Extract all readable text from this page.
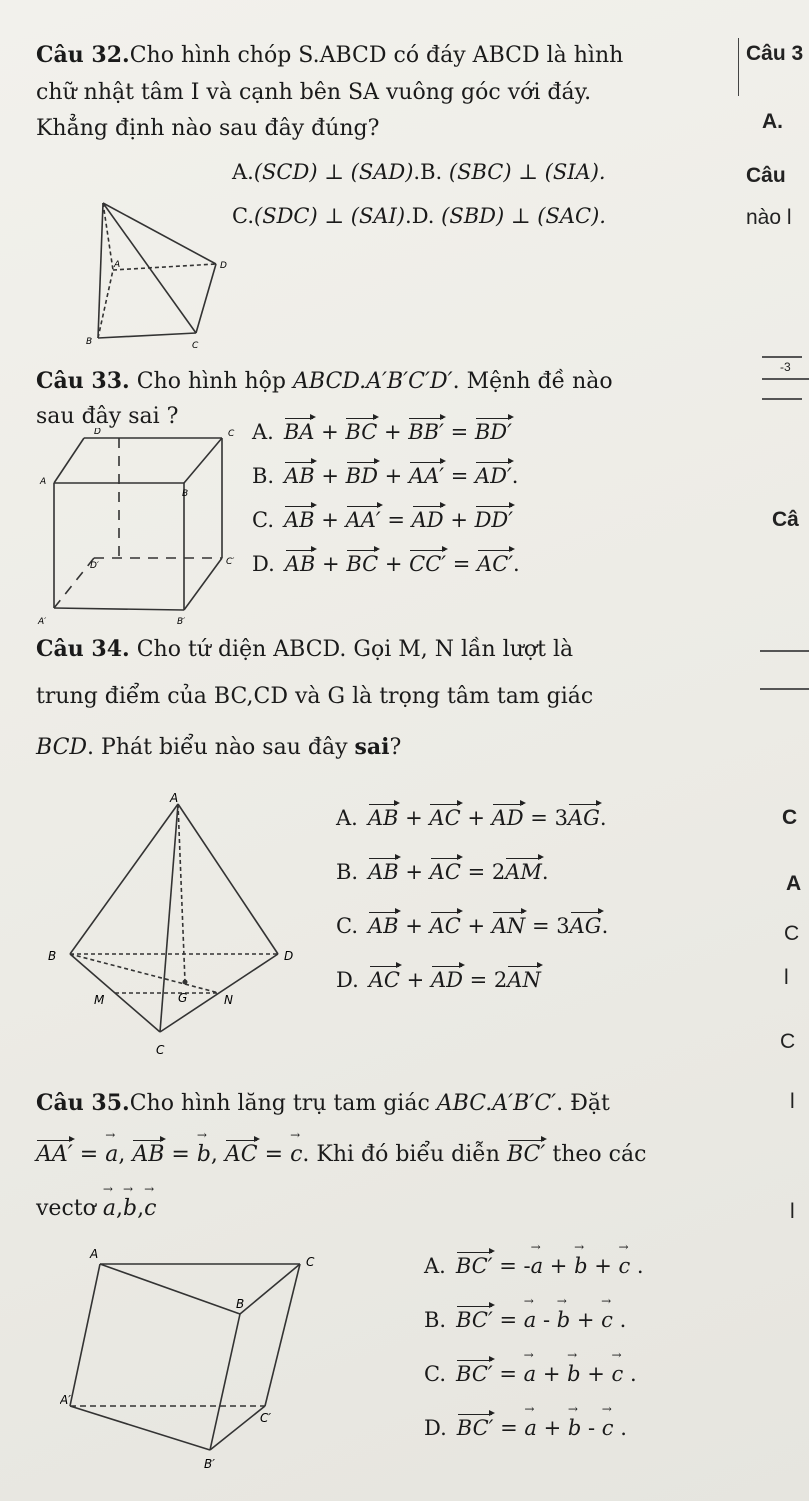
Câu 32.Cho hình chóp S.ABCD có đáy ABCD là hình
chữ nhật tâm I và cạnh bên SA vuông góc với đáy.
Khẳng định nào sau đây đúng?
A.(SCD) ⊥ (SAD).B. (SBC) ⊥ (SIA).
C.(SDC) ⊥ (SAI).D. (SBD) ⊥ (SAC).
A	D
B	C
Câu 33. Cho hình hộp ABCD.A′B′C′D′. Mệnh đề nào
sau đây sai ?
D	C
A
B
D′	C′
A′	B′
A. BA + BC + BB′ = BD′
B. AB + BD + AA′ = AD′.
C. AB + AA′ = AD + DD′
D. AB + BC + CC′ = AC′.
Câu 34. Cho tứ diện ABCD. Gọi M, N lần lượt là
trung điểm của BC,CD và G là trọng tâm tam giác
BCD. Phát biểu nào sau đây sai?
A
B	D
M	G	N
C
A. AB + AC + AD = 3AG.
B. AB + AC = 2AM.
C. AB + AC + AN = 3AG.
D. AC + AD = 2AN
Câu 35.Cho hình lăng trụ tam giác ABC.A′B′C′. Đặt
AA′ = a →, AB = b →, AC = c →. Khi đó biểu diễn BC′ theo các
vectơ a →,b →,c →
A
C
B
A′
C′
B′
A. BC′ = -a → + b → + c → .
B. BC′ = a → - b → + c → .
C. BC′ = a → + b → + c → .
D. BC′ = a → + b → - c → .
Câu 3
A.
Câu
nào l
-3
Câ
C
A
C
l
C
l
l
